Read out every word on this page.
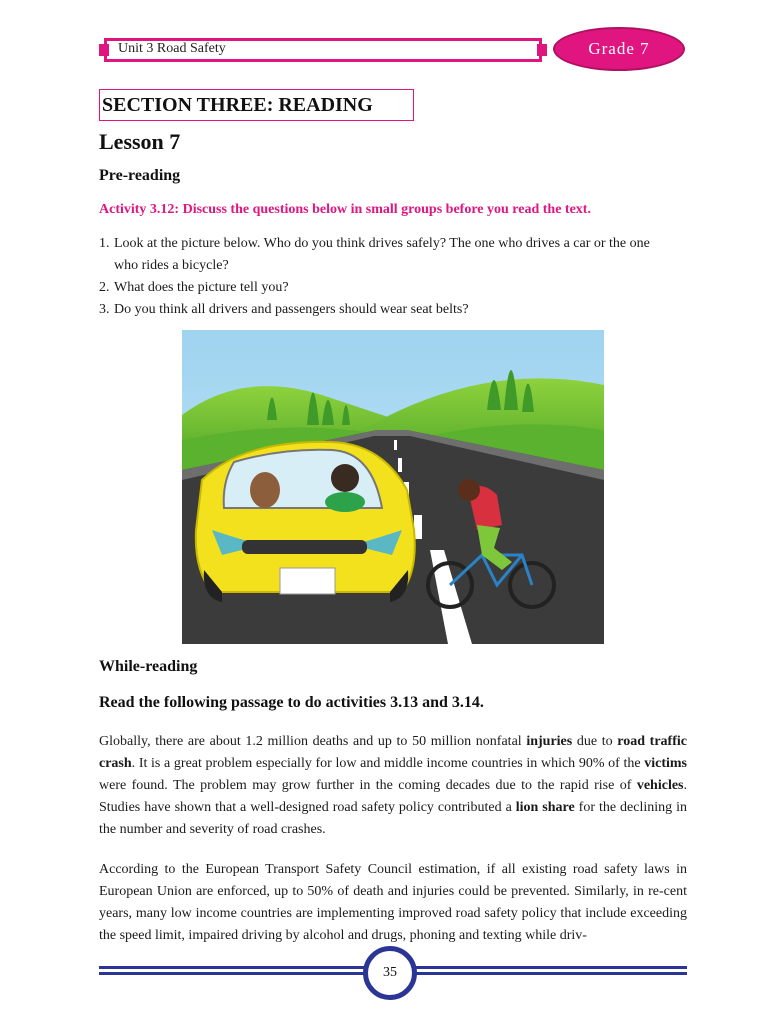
Unit 3 Road Safety	Grade 7
SECTION THREE: READING
Lesson 7
Pre-reading
Activity 3.12: Discuss the questions below in small groups before you read the text.
1. Look at the picture below. Who do you think drives safely? The one who drives a car or the one
who rides a bicycle?
2. What does the picture tell you?
3. Do you think all drivers and passengers should wear seat belts?
While-reading
Read the following passage to do activities 3.13 and 3.14.
Globally, there are about 1.2 million deaths and up to 50 million nonfatal injuries due to road traffic crash. It is a great problem especially for low and middle income countries in which 90% of the victims were found. The problem may grow further in the coming decades due to the rapid rise of vehicles. Studies have shown that a well-designed road safety policy contributed a lion share for the declining in the number and severity of road crashes.
According to the European Transport Safety Council estimation, if all existing road safety laws in European Union are enforced, up to 50% of death and injuries could be prevented. Similarly, in re-cent years, many low income countries are implementing improved road safety policy that include exceeding the speed limit, impaired driving by alcohol and drugs, phoning and texting while driv-
35
